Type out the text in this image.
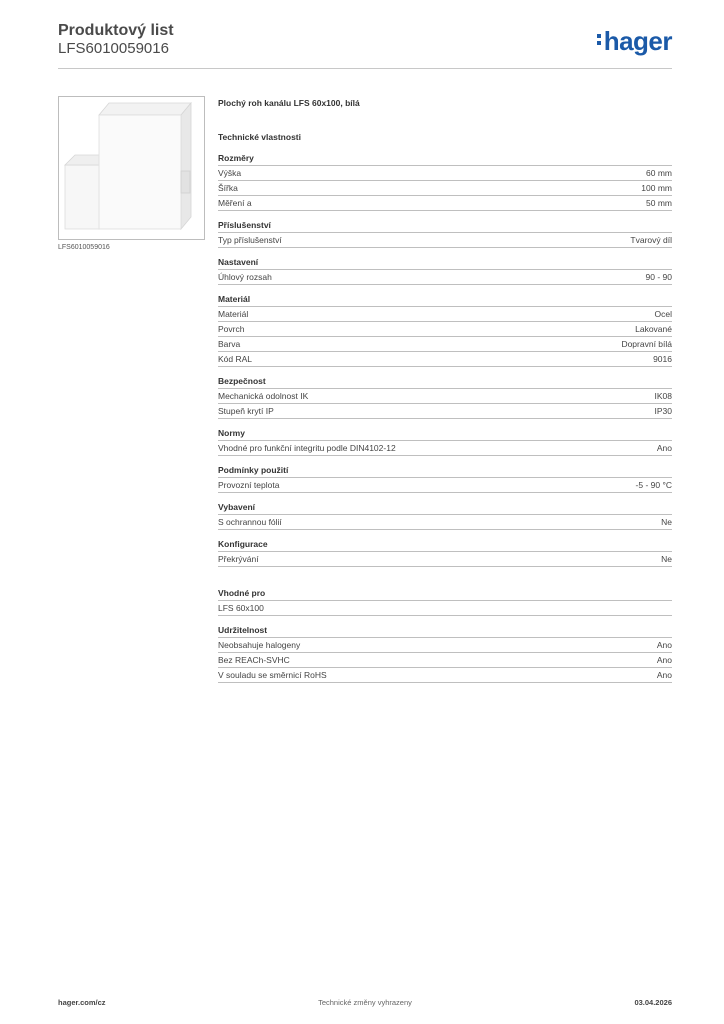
Produktový list
LFS6010059016	hager
LFS6010059016
Plochý roh kanálu LFS 60x100, bílá
Technické vlastnosti
Rozměry
Výška	60 mm
Šířka	100 mm
Měření a	50 mm
Příslušenství
Typ příslušenství	Tvarový díl
Nastavení
Úhlový rozsah	90 - 90
Materiál
Materiál	Ocel
Povrch	Lakované
Barva	Dopravní bílá
Kód RAL	9016
Bezpečnost
Mechanická odolnost IK	IK08
Stupeň krytí IP	IP30
Normy
Vhodné pro funkční integritu podle DIN4102-12	Ano
Podmínky použití
Provozní teplota	-5 - 90 °C
Vybavení
S ochrannou fólií	Ne
Konfigurace
Překrývání	Ne
Vhodné pro
LFS 60x100
Udržitelnost
Neobsahuje halogeny	Ano
Bez REACh-SVHC	Ano
V souladu se směrnicí RoHS	Ano
hager.com/cz	Technické změny vyhrazeny	03.04.2026
